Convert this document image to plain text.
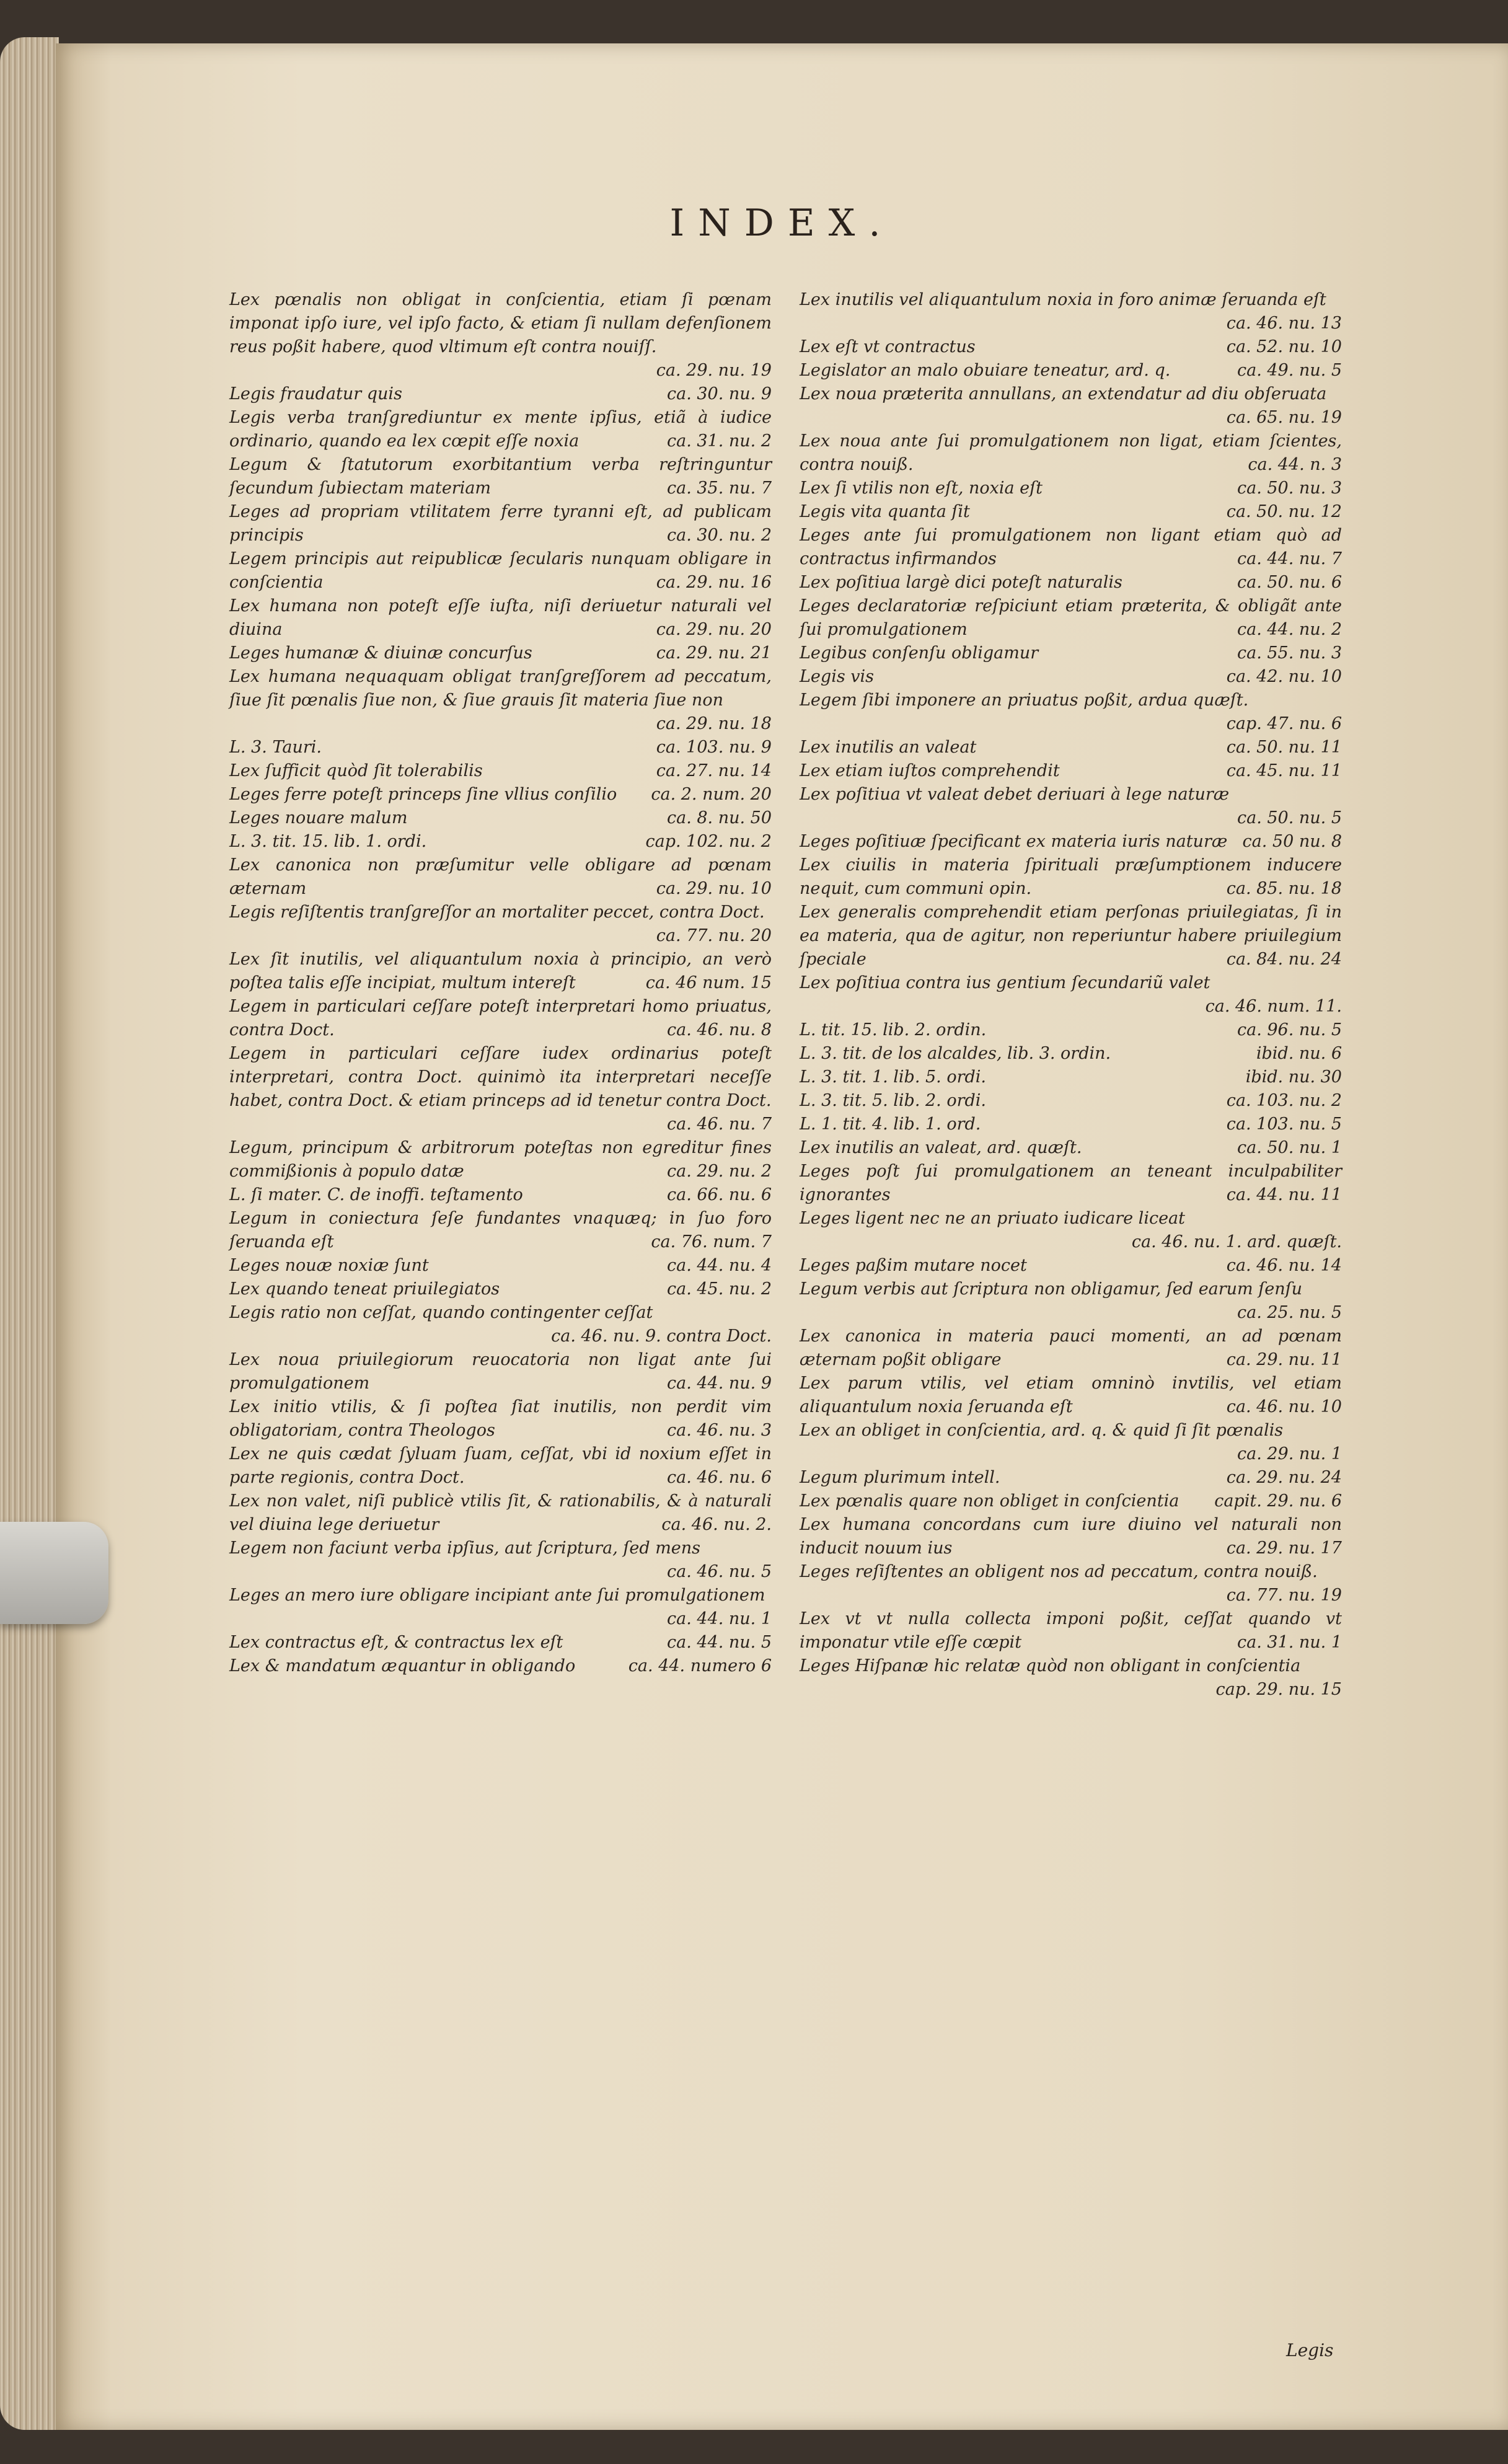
INDEX.

Lex pœnalis non obligat in conſcientia, etiam ſi pœnam imponat ipſo iure, vel ipſo facto, & etiam ſi nullam defenſionem reus poßit habere, quod vltimum eſt contra nouiſſ.
ca. 29. nu. 19

Legis fraudatur quis	ca. 30. nu. 9

Legis verba tranſgrediuntur ex mente ipſius, etiã à iudice ordinario, quando ea lex cœpit eſſe noxia	ca. 31. nu. 2

Legum & ſtatutorum exorbitantium verba reſtringuntur ſecundum ſubiectam materiam	ca. 35. nu. 7

Leges ad propriam vtilitatem ferre tyranni eſt, ad publicam principis	ca. 30. nu. 2

Legem principis aut reipublicæ ſecularis nunquam obligare in conſcientia	ca. 29. nu. 16

Lex humana non poteſt eſſe iuſta, niſi deriuetur naturali vel diuina	ca. 29. nu. 20

Leges humanæ & diuinæ concurſus	ca. 29. nu. 21

Lex humana nequaquam obligat tranſgreſſorem ad peccatum, ſiue ſit pœnalis ſiue non, & ſiue grauis ſit materia ſiue non
ca. 29. nu. 18

L. 3. Tauri.	ca. 103. nu. 9

Lex ſufficit quòd ſit tolerabilis	ca. 27. nu. 14

Leges ferre poteſt princeps ſine vllius conſilio	ca. 2. num. 20

Leges nouare malum	ca. 8. nu. 50

L. 3. tit. 15. lib. 1. ordi.	cap. 102. nu. 2

Lex canonica non præſumitur velle obligare ad pœnam æternam	ca. 29. nu. 10

Legis reſiſtentis tranſgreſſor an mortaliter peccet, contra Doct.
ca. 77. nu. 20

Lex ſit inutilis, vel aliquantulum noxia à principio, an verò poſtea talis eſſe incipiat, multum intereſt	ca. 46 num. 15

Legem in particulari ceſſare poteſt interpretari homo priuatus, contra Doct.	ca. 46. nu. 8

Legem in particulari ceſſare iudex ordinarius poteſt interpretari, contra Doct. quinimò ita interpretari neceſſe habet, contra Doct. & etiam princeps ad id tenetur contra Doct.
ca. 46. nu. 7

Legum, principum & arbitrorum poteſtas non egreditur fines commißionis à populo datæ	ca. 29. nu. 2

L. ſi mater. C. de inoffi. teſtamento	ca. 66. nu. 6

Legum in coniectura ſeſe fundantes vnaquæq; in ſuo foro ſeruanda eſt	ca. 76. num. 7

Leges nouæ noxiæ ſunt	ca. 44. nu. 4

Lex quando teneat priuilegiatos	ca. 45. nu. 2

Legis ratio non ceſſat, quando contingenter ceſſat
ca. 46. nu. 9. contra Doct.

Lex noua priuilegiorum reuocatoria non ligat ante ſui promulgationem	ca. 44. nu. 9

Lex initio vtilis, & ſi poſtea ſiat inutilis, non perdit vim obligatoriam, contra Theologos	ca. 46. nu. 3

Lex ne quis cædat ſyluam ſuam, ceſſat, vbi id noxium eſſet in parte regionis, contra Doct.	ca. 46. nu. 6

Lex non valet, niſi publicè vtilis ſit, & rationabilis, & à naturali vel diuina lege deriuetur	ca. 46. nu. 2.

Legem non faciunt verba ipſius, aut ſcriptura, ſed mens
ca. 46. nu. 5

Leges an mero iure obligare incipiant ante ſui promulgationem
ca. 44. nu. 1

Lex contractus eſt, & contractus lex eſt	ca. 44. nu. 5

Lex & mandatum æquantur in obligando	ca. 44. numero 6

Lex inutilis vel aliquantulum noxia in foro animæ ſeruanda eſt
ca. 46. nu. 13

Lex eſt vt contractus	ca. 52. nu. 10

Legislator an malo obuiare teneatur, ard. q.	ca. 49. nu. 5

Lex noua præterita annullans, an extendatur ad diu obſeruata
ca. 65. nu. 19

Lex noua ante ſui promulgationem non ligat, etiam ſcientes, contra nouiß.	ca. 44. n. 3

Lex ſi vtilis non eſt, noxia eſt	ca. 50. nu. 3

Legis vita quanta ſit	ca. 50. nu. 12

Leges ante ſui promulgationem non ligant etiam quò ad contractus infirmandos	ca. 44. nu. 7

Lex poſitiua largè dici poteſt naturalis	ca. 50. nu. 6

Leges declaratoriæ reſpiciunt etiam præterita, & obligãt ante ſui promulgationem	ca. 44. nu. 2

Legibus conſenſu obligamur	ca. 55. nu. 3

Legis vis	ca. 42. nu. 10

Legem ſibi imponere an priuatus poßit, ardua quæſt.
cap. 47. nu. 6

Lex inutilis an valeat	ca. 50. nu. 11

Lex etiam iuſtos comprehendit	ca. 45. nu. 11

Lex poſitiua vt valeat debet deriuari à lege naturæ
ca. 50. nu. 5

Leges poſitiuæ ſpecificant ex materia iuris naturæ ca. 50 nu. 8

Lex ciuilis in materia ſpirituali præſumptionem inducere nequit, cum communi opin.	ca. 85. nu. 18

Lex generalis comprehendit etiam perſonas priuilegiatas, ſi in ea materia, qua de agitur, non reperiuntur habere priuilegium ſpeciale	ca. 84. nu. 24

Lex poſitiua contra ius gentium ſecundariũ valet
ca. 46. num. 11.

L. tit. 15. lib. 2. ordin.	ca. 96. nu. 5

L. 3. tit. de los alcaldes, lib. 3. ordin.	ibid. nu. 6

L. 3. tit. 1. lib. 5. ordi.	ibid. nu. 30

L. 3. tit. 5. lib. 2. ordi.	ca. 103. nu. 2

L. 1. tit. 4. lib. 1. ord.	ca. 103. nu. 5

Lex inutilis an valeat, ard. quæſt.	ca. 50. nu. 1

Leges poſt ſui promulgationem an teneant inculpabiliter ignorantes	ca. 44. nu. 11

Leges ligent nec ne an priuato iudicare liceat
ca. 46. nu. 1. ard. quæſt.

Leges paßim mutare nocet	ca. 46. nu. 14

Legum verbis aut ſcriptura non obligamur, ſed earum ſenſu
ca. 25. nu. 5

Lex canonica in materia pauci momenti, an ad pœnam æternam poßit obligare	ca. 29. nu. 11

Lex parum vtilis, vel etiam omninò invtilis, vel etiam aliquantulum noxia ſeruanda eſt	ca. 46. nu. 10

Lex an obliget in conſcientia, ard. q. & quid ſi ſit pœnalis
ca. 29. nu. 1

Legum plurimum intell.	ca. 29. nu. 24

Lex pœnalis quare non obliget in conſcientia	capit. 29. nu. 6

Lex humana concordans cum iure diuino vel naturali non inducit nouum ius	ca. 29. nu. 17

Leges reſiſtentes an obligent nos ad peccatum, contra nouiß.
ca. 77. nu. 19

Lex vt vt nulla collecta imponi poßit, ceſſat quando vt imponatur vtile eſſe cœpit	ca. 31. nu. 1

Leges Hiſpanæ hic relatæ quòd non obligant in conſcientia
cap. 29. nu. 15

Legis
